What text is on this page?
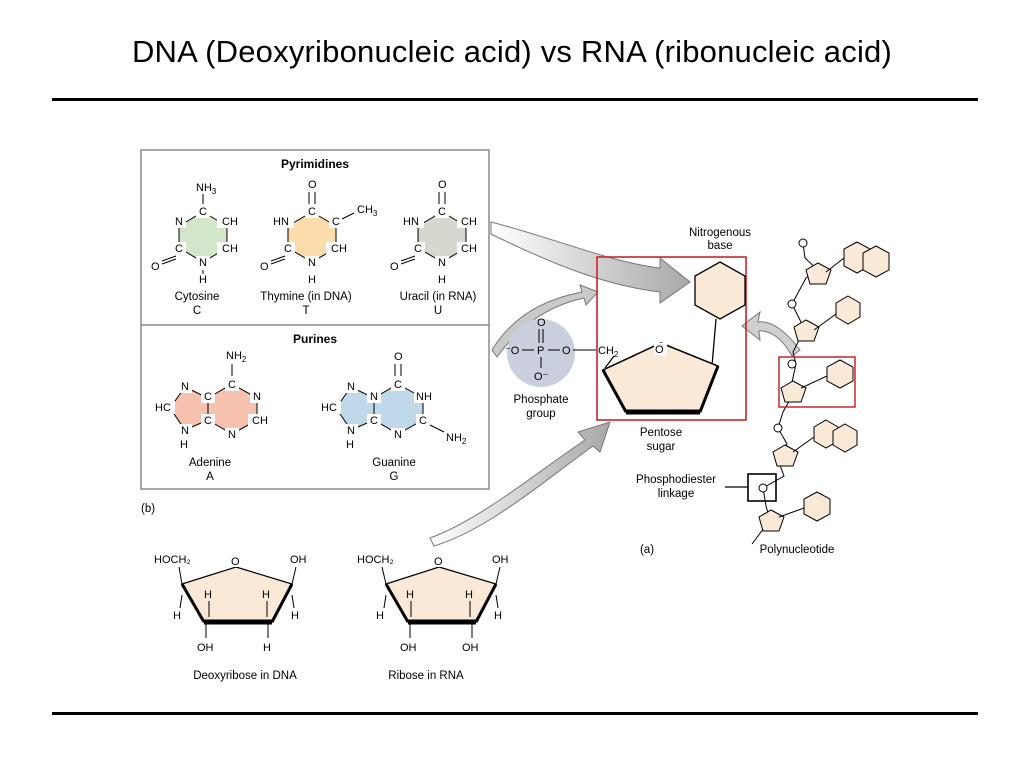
DNA (Deoxyribonucleic acid) vs RNA (ribonucleic acid)
Pyrimidines
Purines
C
CH
CH
N
C
N
$NH_3$
O
H
Cytosine
C
C
C
CH
N
C
HN
O
$CH_3$
O
H
Thymine (in DNA)
T
C
CH
CH
N
C
HN
O
O
H
Uracil (in RNA)
U
C
N
CH
N
C
C
N
HC
N
$NH_2$
H
Adenine
A
C
NH
C
N
C
N
N
HC
N
O
$NH_2$
H
Guanine
G
(b)
Nitrogenous
base
O
$CH_2$
Pentose
sugar
O
P
⁻O	O
O⁻
Phosphate
group
Phosphodiester
linkage
(a)	Polynucleotide
O
HOCH₂	OH
H	H
H	H
OH	H
Deoxyribose in DNA
O
HOCH₂	OH
H	H
H	H
OH	OH
Ribose in RNA
